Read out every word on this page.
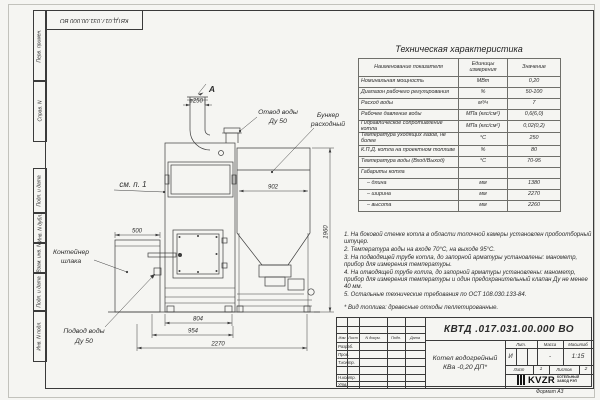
КВТД.017.031.00.000 ВО
Перв. примен.
Справ. N
Подп. и дата
Инв. N дубл.
Взам. инв. N
Подп. и дата
Инв. N подл.
А
ø250
500
902
1960
804
954
2270
Отвод воды
Ду 50
Бункер
расходный
см. п. 1
Контейнер
шлака
Подвод воды
Ду 50
Техническая характеристика
Наименование показателя	Единицы измерения	Значение
Номинальная мощность	МВт	0,20
Диапазон рабочего регулирования	%	50-100
Расход воды	м³/ч	7
Рабочее давление воды	МПа (кгс/см²)	0,6(6,0)
Гидравлическое сопротивление котла	МПа (кгс/см²)	0,02(0,2)
Температура уходящих газов, не более	°С	250
К.П.Д. котла на проектном топливе	%	80
Температура воды (Вход/Выход)	°С	70-95
Габариты котла		
– длина	мм	1380
– ширина	мм	2270
– высота	мм	2260
1. На боковой стенке котла в области топочной камеры установлен пробоотборный штуцер.
2. Температура воды на входе 70°С, на выходе 95°С.
3. На подводящей трубе котла, до запорной арматуры установлены: манометр, прибор для измерения температуры.
4. На отводящей трубе котла, до запорной арматуры установлены: манометр, прибор для измерения температуры и один предохранительный клапан Ду не менее 40 мм.
5. Остальные технические требования по ОСТ 108.030.133-84.
* Вид топлива: древесные отходы пеллетированные.
Изм Лист	N докум.	Подп.	Дата
Разраб.
Пров.
Т.контр.
Н.контр.
Утв.
КВТД .017.031.00.000 ВО
Котел водогрейный
КВа -0,20 ДП*
Лит.	Масса	Масштаб
И	-	1:15
Лист	1	Листов	2
KVZR КОТЕЛЬНЫЙ
ЗАВОД РЭП
Формат А3
